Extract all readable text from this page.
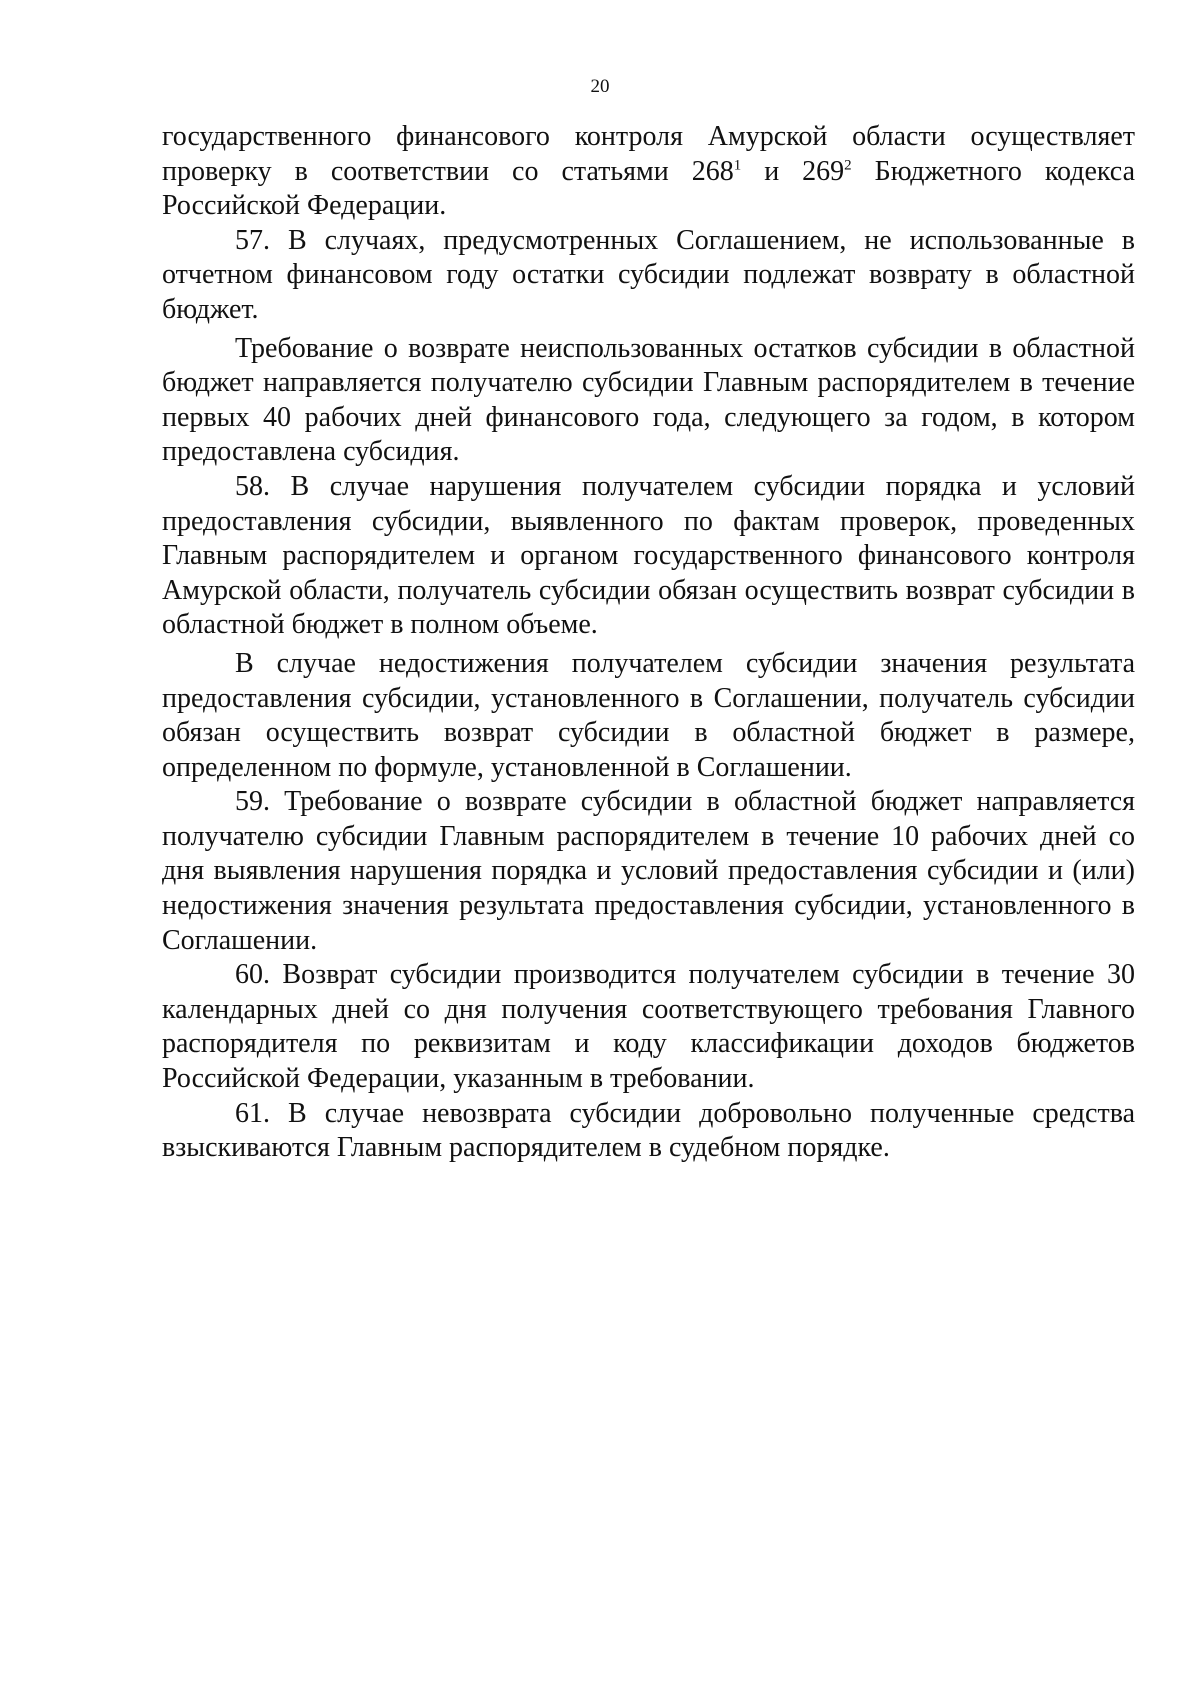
20

государственного финансового контроля Амурской области осуществляет проверку в соответствии со статьями $268^1$ и $269^2$ Бюджетного кодекса Российской Федерации.

57. В случаях, предусмотренных Соглашением, не использованные в отчетном финансовом году остатки субсидии подлежат возврату в областной бюджет.

Требование о возврате неиспользованных остатков субсидии в областной бюджет направляется получателю субсидии Главным распорядителем в течение первых 40 рабочих дней финансового года, следующего за годом, в котором предоставлена субсидия.

58. В случае нарушения получателем субсидии порядка и условий предоставления субсидии, выявленного по фактам проверок, проведенных Главным распорядителем и органом государственного финансового контроля Амурской области, получатель субсидии обязан осуществить возврат субсидии в областной бюджет в полном объеме.

В случае недостижения получателем субсидии значения результата предоставления субсидии, установленного в Соглашении, получатель субсидии обязан осуществить возврат субсидии в областной бюджет в размере, определенном по формуле, установленной в Соглашении.

59. Требование о возврате субсидии в областной бюджет направляется получателю субсидии Главным распорядителем в течение 10 рабочих дней со дня выявления нарушения порядка и условий предоставления субсидии и (или) недостижения значения результата предоставления субсидии, установленного в Соглашении.

60. Возврат субсидии производится получателем субсидии в течение 30 календарных дней со дня получения соответствующего требования Главного распорядителя по реквизитам и коду классификации доходов бюджетов Российской Федерации, указанным в требовании.

61. В случае невозврата субсидии добровольно полученные средства взыскиваются Главным распорядителем в судебном порядке.
